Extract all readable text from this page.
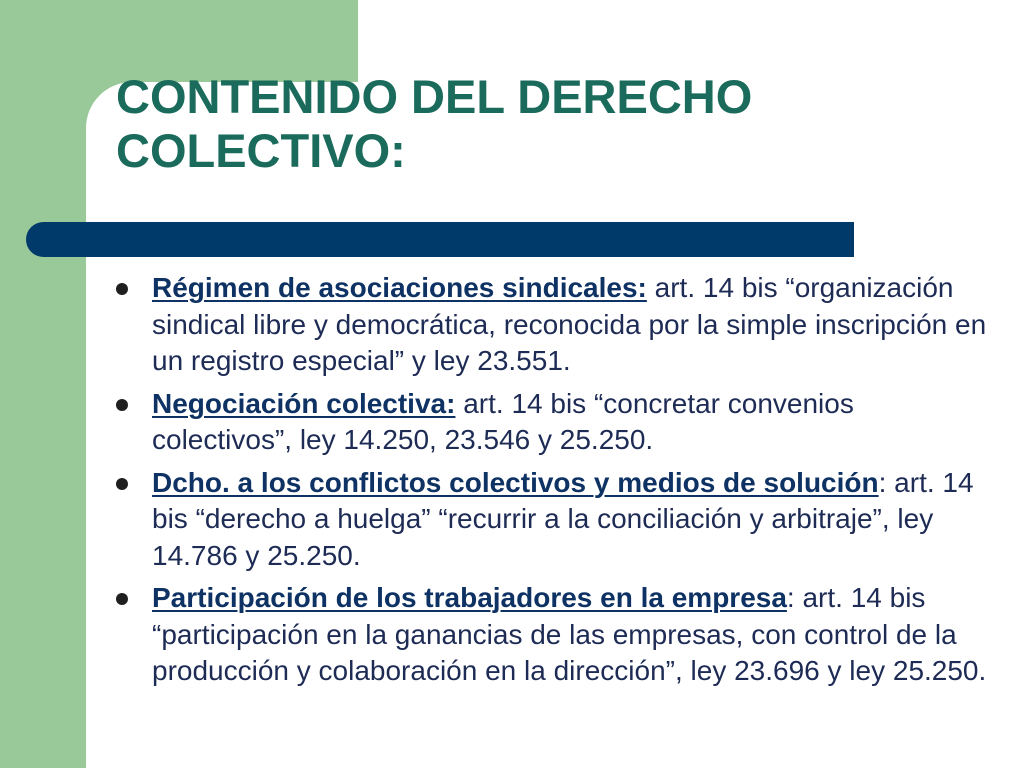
CONTENIDO DEL DERECHO
COLECTIVO:
Régimen de asociaciones sindicales: art. 14 bis “organización sindical libre y democrática, reconocida por la simple inscripción en un registro especial” y ley 23.551.
Negociación colectiva: art. 14 bis “concretar convenios colectivos”, ley 14.250, 23.546 y 25.250.
Dcho. a los conflictos colectivos y medios de solución: art. 14 bis “derecho a huelga” “recurrir a la conciliación y arbitraje”, ley 14.786 y 25.250.
Participación de los trabajadores en la empresa: art. 14 bis “participación en la ganancias de las empresas, con control de la producción y colaboración en la dirección”, ley 23.696 y ley 25.250.
